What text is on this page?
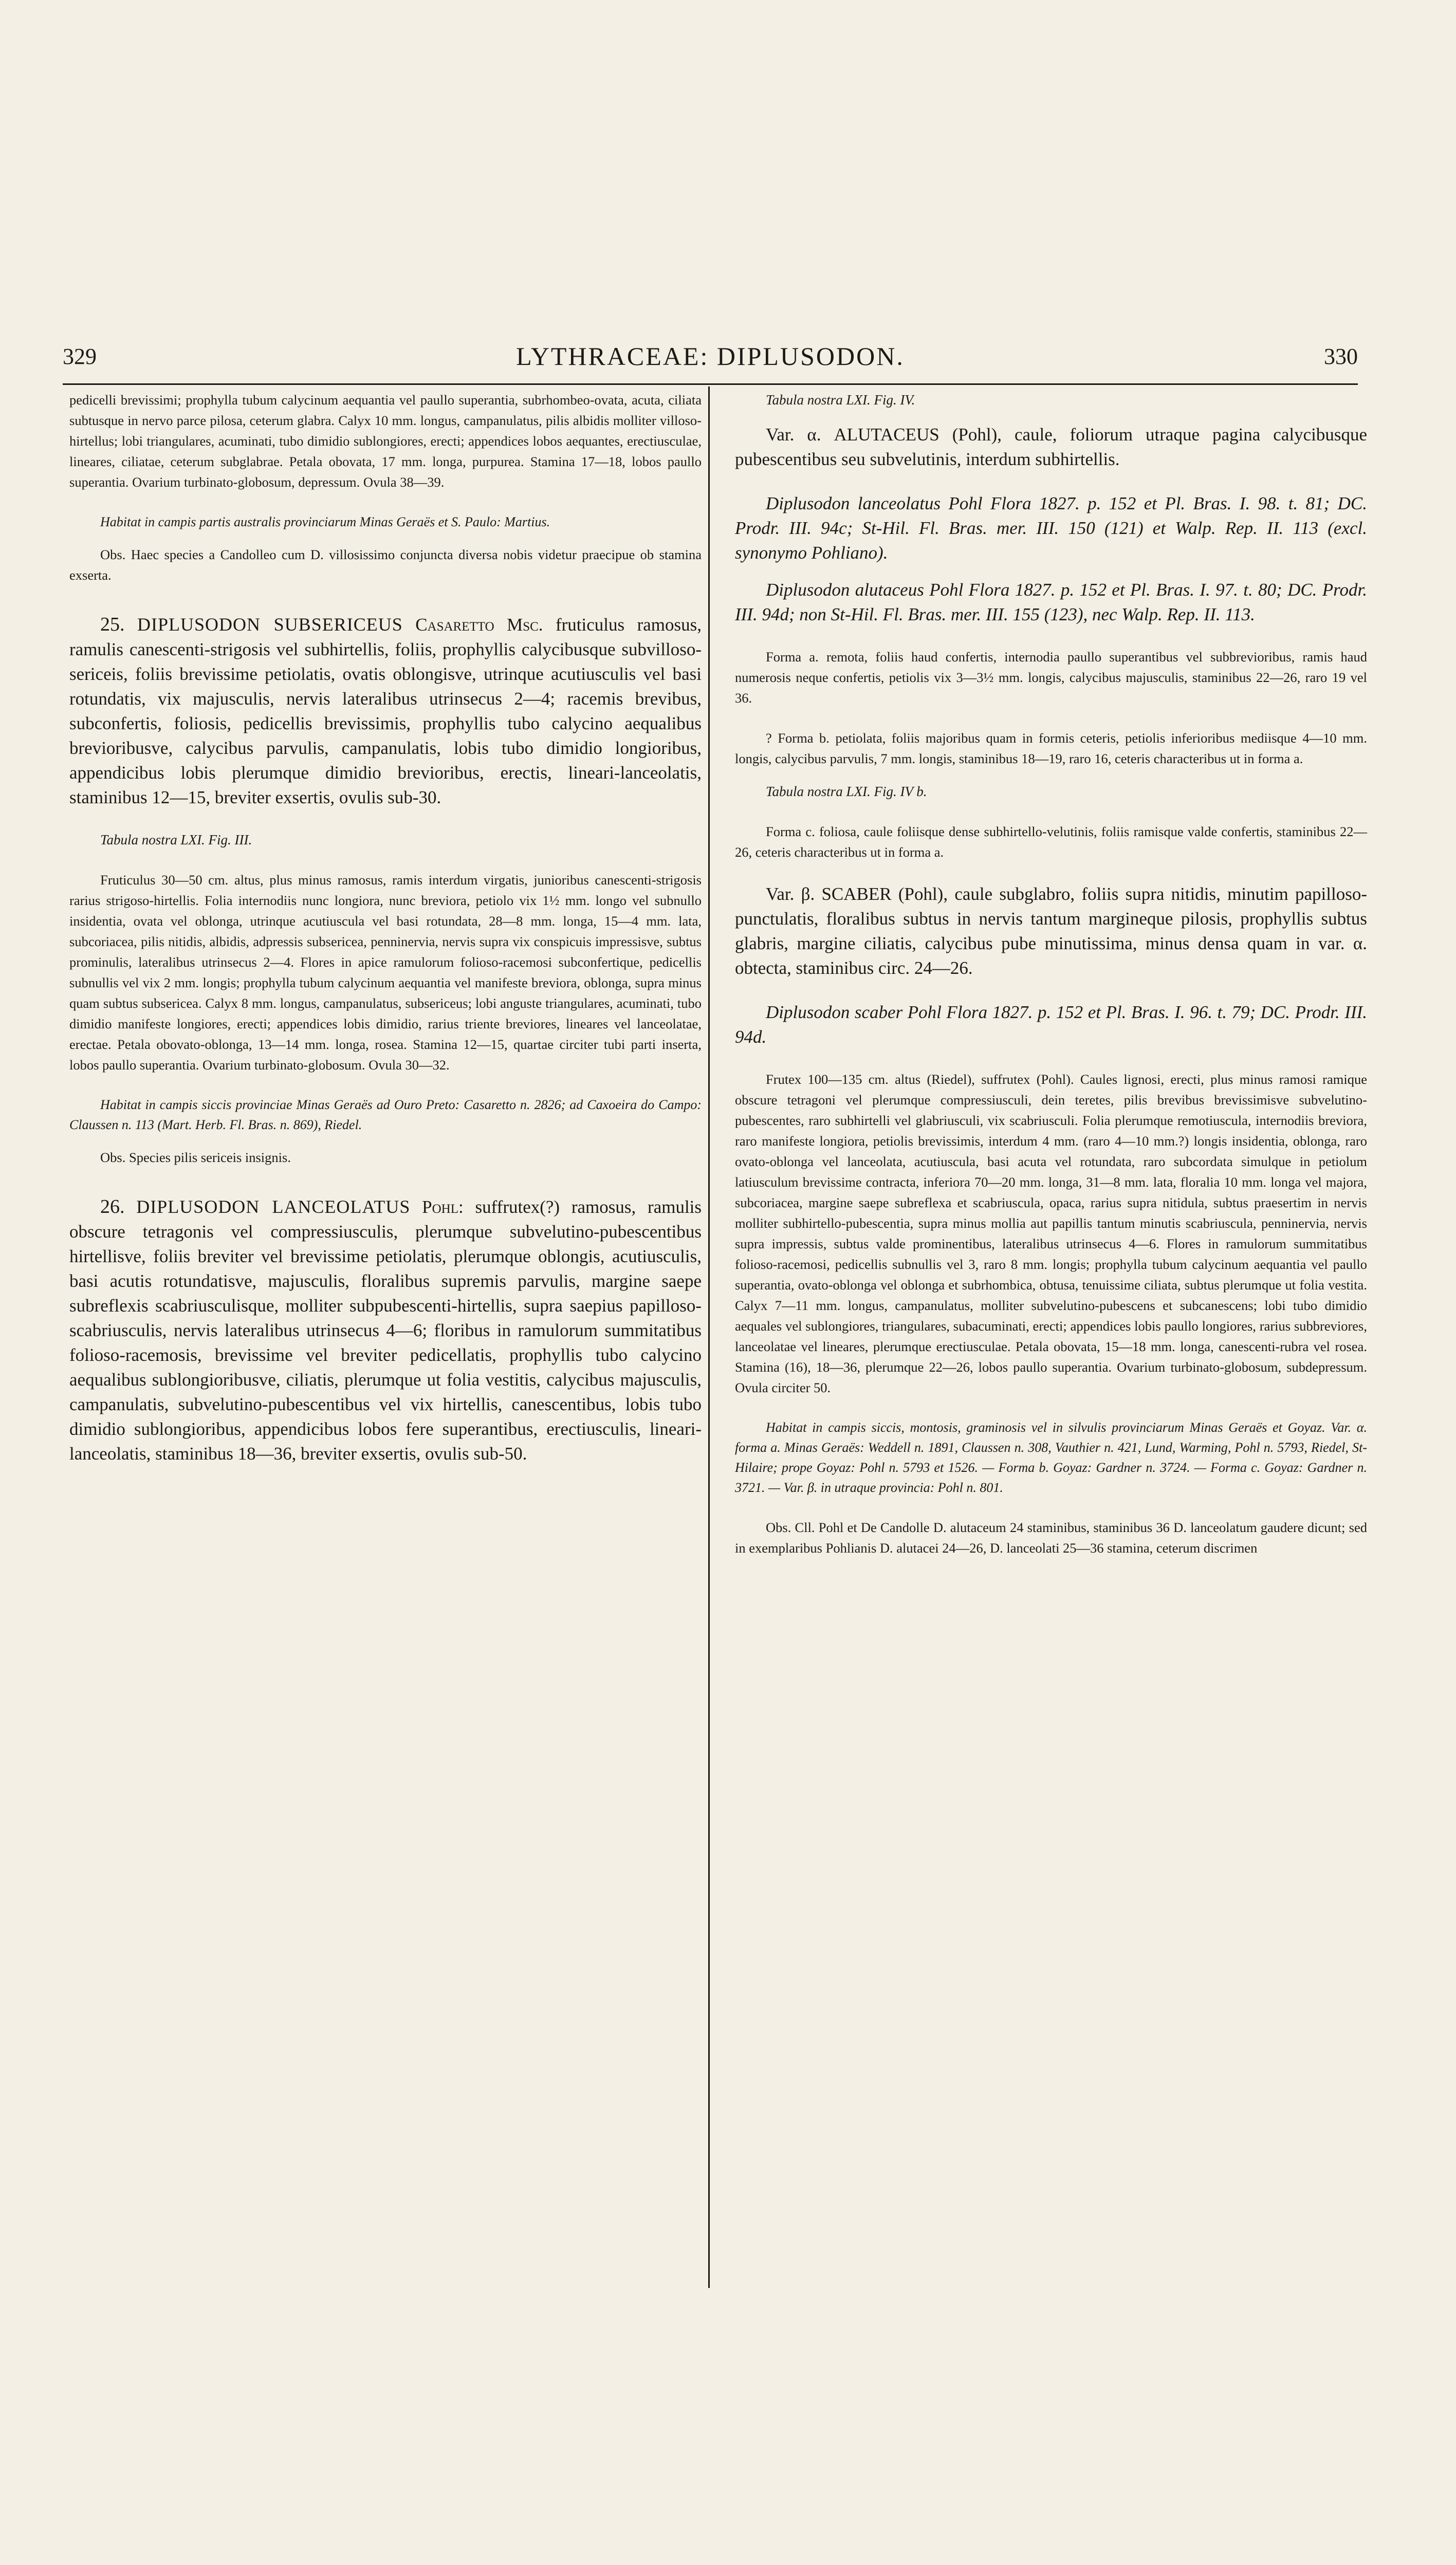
329	LYTHRACEAE: DIPLUSODON.	330

pedicelli brevissimi; prophylla tubum calycinum aequantia vel paullo superantia, subrhombeo-ovata, acuta, ciliata subtusque in nervo parce pilosa, ceterum glabra. Calyx 10 mm. longus, campanulatus, pilis albidis molliter villoso-hirtellus; lobi triangulares, acuminati, tubo dimidio sublongiores, erecti; appendices lobos aequantes, erectiusculae, lineares, ciliatae, ceterum subglabrae. Petala obovata, 17 mm. longa, purpurea. Stamina 17—18, lobos paullo superantia. Ovarium turbinato-globosum, depressum. Ovula 38—39.

Habitat in campis partis australis provinciarum Minas Geraës et S. Paulo: Martius.

Obs. Haec species a Candolleo cum D. villosissimo conjuncta diversa nobis videtur praecipue ob stamina exserta.

25. DIPLUSODON SUBSERICEUS Casaretto Msc. fruticulus ramosus, ramulis canescenti-strigosis vel subhirtellis, foliis, prophyllis calycibusque subvilloso-sericeis, foliis brevissime petiolatis, ovatis oblongisve, utrinque acutiusculis vel basi rotundatis, vix majusculis, nervis lateralibus utrinsecus 2—4; racemis brevibus, subconfertis, foliosis, pedicellis brevissimis, prophyllis tubo calycino aequalibus brevioribusve, calycibus parvulis, campanulatis, lobis tubo dimidio longioribus, appendicibus lobis plerumque dimidio brevioribus, erectis, lineari-lanceolatis, staminibus 12—15, breviter exsertis, ovulis sub-30.

Tabula nostra LXI. Fig. III.

Fruticulus 30—50 cm. altus, plus minus ramosus, ramis interdum virgatis, junioribus canescenti-strigosis rarius strigoso-hirtellis. Folia internodiis nunc longiora, nunc breviora, petiolo vix 1½ mm. longo vel subnullo insidentia, ovata vel oblonga, utrinque acutiuscula vel basi rotundata, 28—8 mm. longa, 15—4 mm. lata, subcoriacea, pilis nitidis, albidis, adpressis subsericea, penninervia, nervis supra vix conspicuis impressisve, subtus prominulis, lateralibus utrinsecus 2—4. Flores in apice ramulorum folioso-racemosi subconfertique, pedicellis subnullis vel vix 2 mm. longis; prophylla tubum calycinum aequantia vel manifeste breviora, oblonga, supra minus quam subtus subsericea. Calyx 8 mm. longus, campanulatus, subsericeus; lobi anguste triangulares, acuminati, tubo dimidio manifeste longiores, erecti; appendices lobis dimidio, rarius triente breviores, lineares vel lanceolatae, erectae. Petala obovato-oblonga, 13—14 mm. longa, rosea. Stamina 12—15, quartae circiter tubi parti inserta, lobos paullo superantia. Ovarium turbinato-globosum. Ovula 30—32.

Habitat in campis siccis provinciae Minas Geraës ad Ouro Preto: Casaretto n. 2826; ad Caxoeira do Campo: Claussen n. 113 (Mart. Herb. Fl. Bras. n. 869), Riedel.

Obs. Species pilis sericeis insignis.

26. DIPLUSODON LANCEOLATUS Pohl: suffrutex(?) ramosus, ramulis obscure tetragonis vel compressiusculis, plerumque subvelutino-pubescentibus hirtellisve, foliis breviter vel brevissime petiolatis, plerumque oblongis, acutiusculis, basi acutis rotundatisve, majusculis, floralibus supremis parvulis, margine saepe subreflexis scabriusculisque, molliter subpubescenti-hirtellis, supra saepius papilloso-scabriusculis, nervis lateralibus utrinsecus 4—6; floribus in ramulorum summitatibus folioso-racemosis, brevissime vel breviter pedicellatis, prophyllis tubo calycino aequalibus sublongioribusve, ciliatis, plerumque ut folia vestitis, calycibus majusculis, campanulatis, subvelutino-pubescentibus vel vix hirtellis, canescentibus, lobis tubo dimidio sublongioribus, appendicibus lobos fere superantibus, erectiusculis, lineari-lanceolatis, staminibus 18—36, breviter exsertis, ovulis sub-50.

Tabula nostra LXI. Fig. IV.

Var. α. ALUTACEUS (Pohl), caule, foliorum utraque pagina calycibusque pubescentibus seu subvelutinis, interdum subhirtellis.

Diplusodon lanceolatus Pohl Flora 1827. p. 152 et Pl. Bras. I. 98. t. 81; DC. Prodr. III. 94c; St-Hil. Fl. Bras. mer. III. 150 (121) et Walp. Rep. II. 113 (excl. synonymo Pohliano).

Diplusodon alutaceus Pohl Flora 1827. p. 152 et Pl. Bras. I. 97. t. 80; DC. Prodr. III. 94d; non St-Hil. Fl. Bras. mer. III. 155 (123), nec Walp. Rep. II. 113.

Forma a. remota, foliis haud confertis, internodia paullo superantibus vel subbrevioribus, ramis haud numerosis neque confertis, petiolis vix 3—3½ mm. longis, calycibus majusculis, staminibus 22—26, raro 19 vel 36.

? Forma b. petiolata, foliis majoribus quam in formis ceteris, petiolis inferioribus mediisque 4—10 mm. longis, calycibus parvulis, 7 mm. longis, staminibus 18—19, raro 16, ceteris characteribus ut in forma a.

Tabula nostra LXI. Fig. IV b.

Forma c. foliosa, caule foliisque dense subhirtello-velutinis, foliis ramisque valde confertis, staminibus 22—26, ceteris characteribus ut in forma a.

Var. β. SCABER (Pohl), caule subglabro, foliis supra nitidis, minutim papilloso-punctulatis, floralibus subtus in nervis tantum margineque pilosis, prophyllis subtus glabris, margine ciliatis, calycibus pube minutissima, minus densa quam in var. α. obtecta, staminibus circ. 24—26.

Diplusodon scaber Pohl Flora 1827. p. 152 et Pl. Bras. I. 96. t. 79; DC. Prodr. III. 94d.

Frutex 100—135 cm. altus (Riedel), suffrutex (Pohl). Caules lignosi, erecti, plus minus ramosi ramique obscure tetragoni vel plerumque compressiusculi, dein teretes, pilis brevibus brevissimisve subvelutino-pubescentes, raro subhirtelli vel glabriusculi, vix scabriusculi. Folia plerumque remotiuscula, internodiis breviora, raro manifeste longiora, petiolis brevissimis, interdum 4 mm. (raro 4—10 mm.?) longis insidentia, oblonga, raro ovato-oblonga vel lanceolata, acutiuscula, basi acuta vel rotundata, raro subcordata simulque in petiolum latiusculum brevissime contracta, inferiora 70—20 mm. longa, 31—8 mm. lata, floralia 10 mm. longa vel majora, subcoriacea, margine saepe subreflexa et scabriuscula, opaca, rarius supra nitidula, subtus praesertim in nervis molliter subhirtello-pubescentia, supra minus mollia aut papillis tantum minutis scabriuscula, penninervia, nervis supra impressis, subtus valde prominentibus, lateralibus utrinsecus 4—6. Flores in ramulorum summitatibus folioso-racemosi, pedicellis subnullis vel 3, raro 8 mm. longis; prophylla tubum calycinum aequantia vel paullo superantia, ovato-oblonga vel oblonga et subrhombica, obtusa, tenuissime ciliata, subtus plerumque ut folia vestita. Calyx 7—11 mm. longus, campanulatus, molliter subvelutino-pubescens et subcanescens; lobi tubo dimidio aequales vel sublongiores, triangulares, subacuminati, erecti; appendices lobis paullo longiores, rarius subbreviores, lanceolatae vel lineares, plerumque erectiusculae. Petala obovata, 15—18 mm. longa, canescenti-rubra vel rosea. Stamina (16), 18—36, plerumque 22—26, lobos paullo superantia. Ovarium turbinato-globosum, subdepressum. Ovula circiter 50.

Habitat in campis siccis, montosis, graminosis vel in silvulis provinciarum Minas Geraës et Goyaz. Var. α. forma a. Minas Geraës: Weddell n. 1891, Claussen n. 308, Vauthier n. 421, Lund, Warming, Pohl n. 5793, Riedel, St-Hilaire; prope Goyaz: Pohl n. 5793 et 1526. — Forma b. Goyaz: Gardner n. 3724. — Forma c. Goyaz: Gardner n. 3721. — Var. β. in utraque provincia: Pohl n. 801.

Obs. Cll. Pohl et De Candolle D. alutaceum 24 staminibus, staminibus 36 D. lanceolatum gaudere dicunt; sed in exemplaribus Pohlianis D. alutacei 24—26, D. lanceolati 25—36 stamina, ceterum discrimen
